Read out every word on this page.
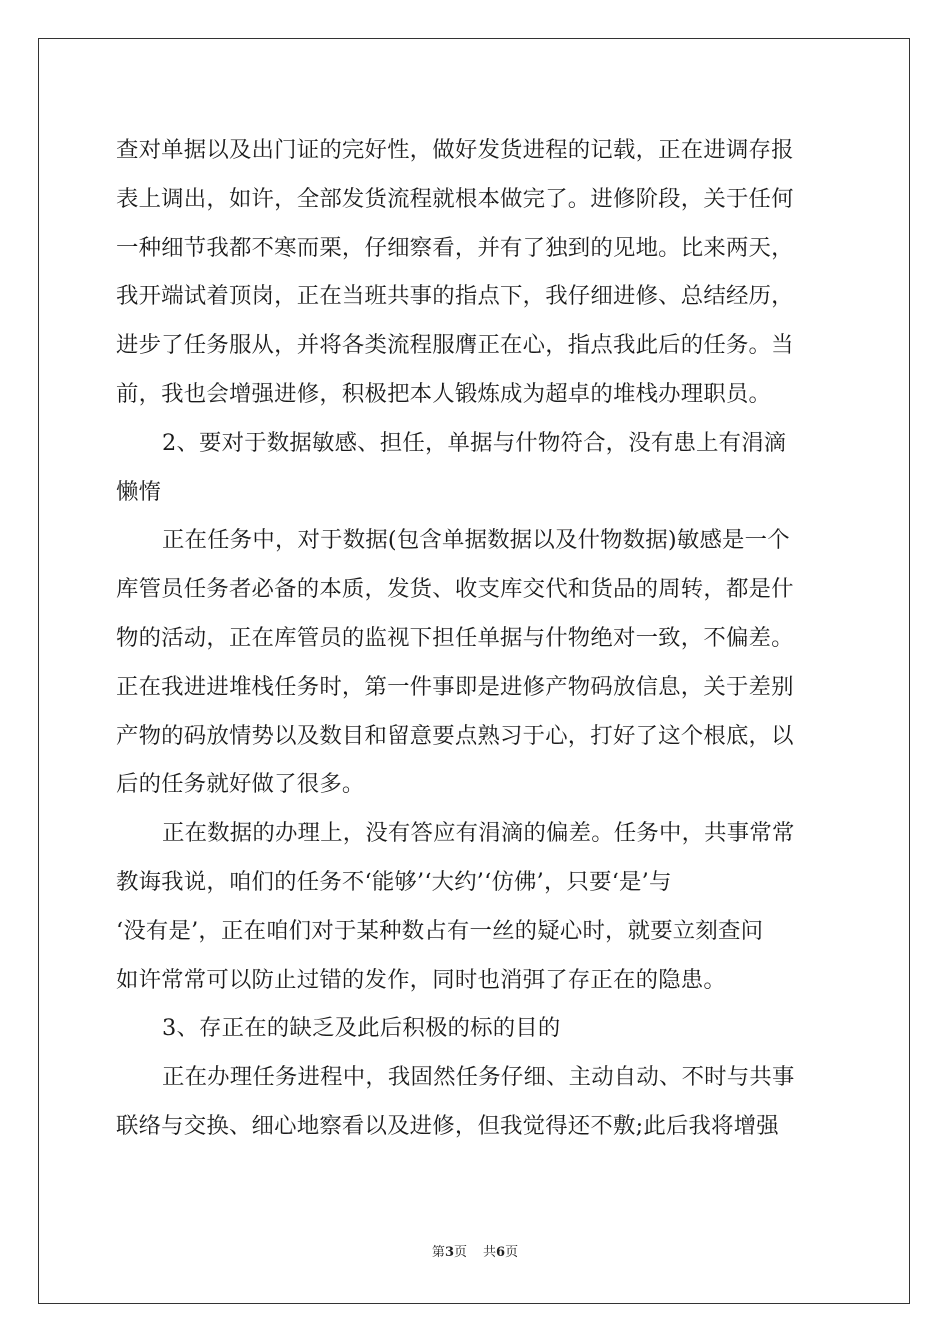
查对单据以及出门证的完好性，做好发货进程的记载，正在进调存报
表上调出，如许，全部发货流程就根本做完了。进修阶段，关于任何
一种细节我都不寒而栗，仔细察看，并有了独到的见地。比来两天，
我开端试着顶岗，正在当班共事的指点下，我仔细进修、总结经历，
进步了任务服从，并将各类流程服膺正在心，指点我此后的任务。当
前，我也会增强进修，积极把本人锻炼成为超卓的堆栈办理职员。
2、要对于数据敏感、担任，单据与什物符合，没有患上有涓滴
懒惰
正在任务中，对于数据(包含单据数据以及什物数据)敏感是一个
库管员任务者必备的本质，发货、收支库交代和货品的周转，都是什
物的活动，正在库管员的监视下担任单据与什物绝对一致，不偏差。
正在我进进堆栈任务时，第一件事即是进修产物码放信息，关于差别
产物的码放情势以及数目和留意要点熟习于心，打好了这个根底，以
后的任务就好做了很多。
正在数据的办理上，没有答应有涓滴的偏差。任务中，共事常常
教诲我说，咱们的任务不‘能够’‘大约’‘仿佛’，只要‘是’与
‘没有是’，正在咱们对于某种数占有一丝的疑心时，就要立刻查问
如许常常可以防止过错的发作，同时也消弭了存正在的隐患。
3、存正在的缺乏及此后积极的标的目的
正在办理任务进程中，我固然任务仔细、主动自动、不时与共事
联络与交换、细心地察看以及进修，但我觉得还不敷;此后我将增强
第3页 共6页
